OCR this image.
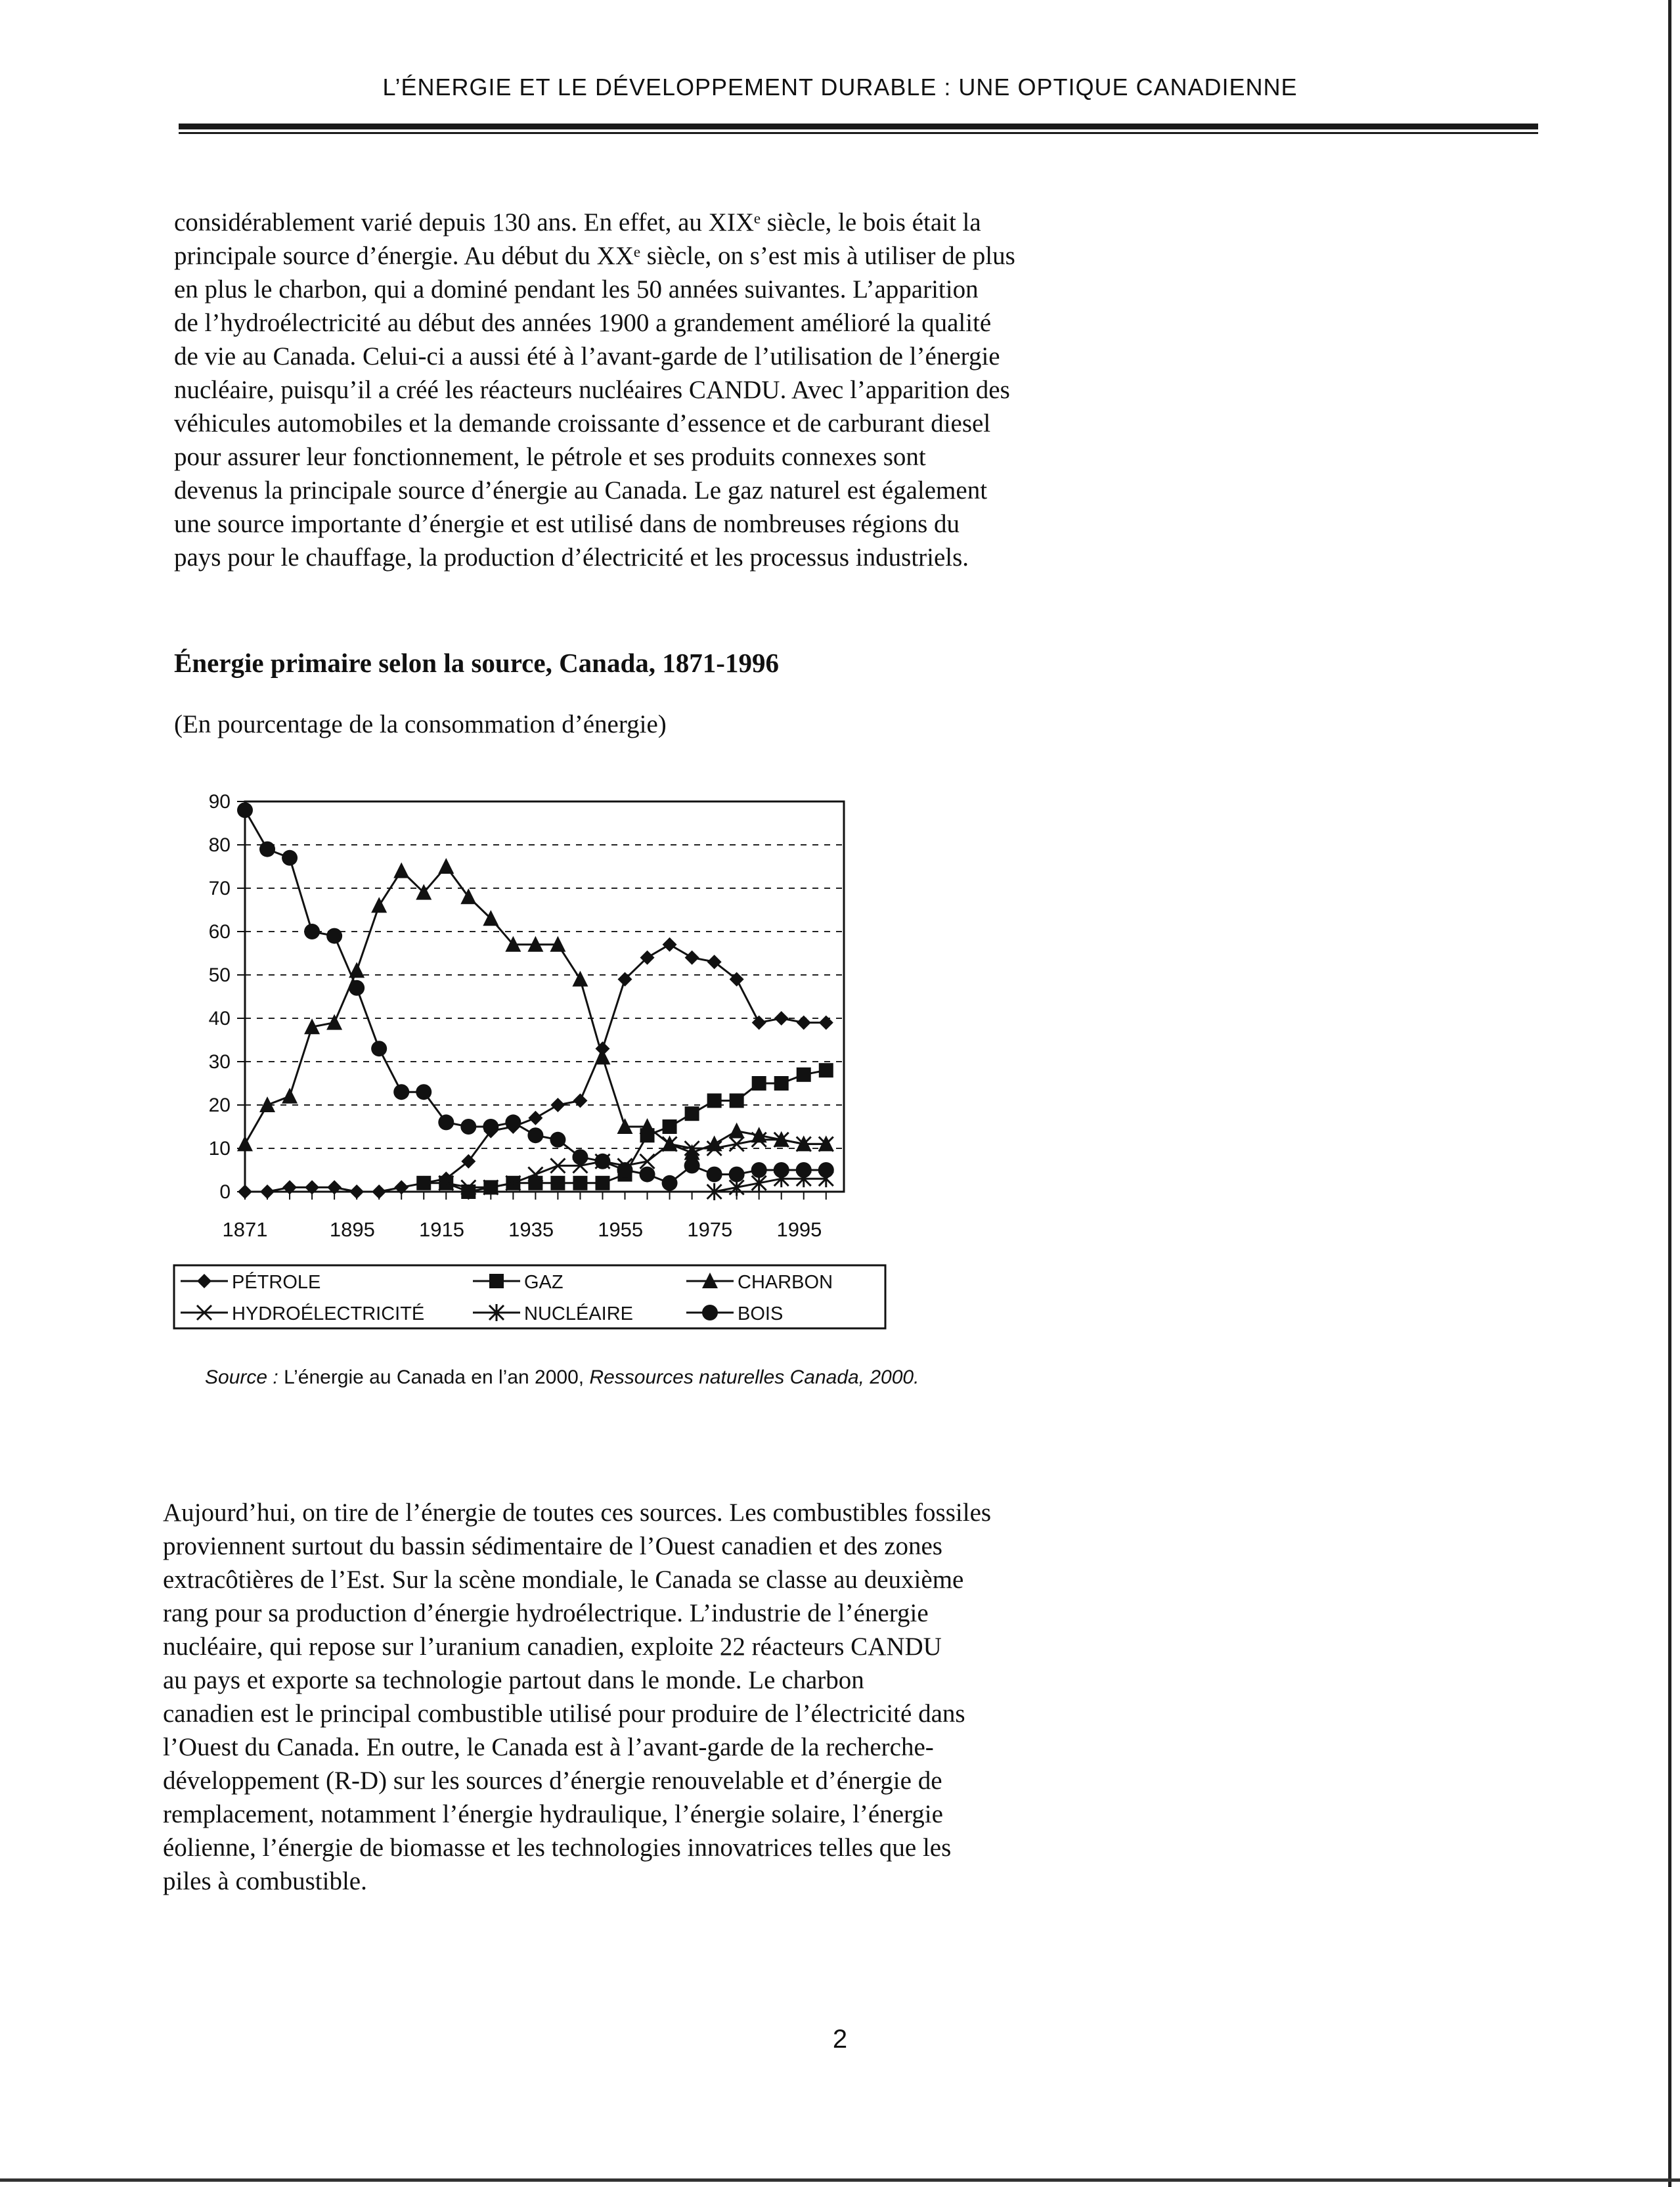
L’ÉNERGIE ET LE DÉVELOPPEMENT DURABLE : UNE OPTIQUE CANADIENNE

considérablement varié depuis 130 ans. En effet, au XIXᵉ siècle, le bois était la

principale source d’énergie. Au début du XXᵉ siècle, on s’est mis à utiliser de plus

en plus le charbon, qui a dominé pendant les 50 années suivantes. L’apparition

de l’hydroélectricité au début des années 1900 a grandement amélioré la qualité

de vie au Canada. Celui-ci a aussi été à l’avant-garde de l’utilisation de l’énergie

nucléaire, puisqu’il a créé les réacteurs nucléaires CANDU. Avec l’apparition des

véhicules automobiles et la demande croissante d’essence et de carburant diesel

pour assurer leur fonctionnement, le pétrole et ses produits connexes sont

devenus la principale source d’énergie au Canada. Le gaz naturel est également

une source importante d’énergie et est utilisé dans de nombreuses régions du

pays pour le chauffage, la production d’électricité et les processus industriels.

Énergie primaire selon la source, Canada, 1871-1996
(En pourcentage de la consommation d’énergie)
0
10
20
30
40
50
60
70
80
90
1871	1895 1915 1935 1955 1975 1995
PÉTROLE	GAZ	CHARBON
HYDROÉLECTRICITÉ	NUCLÉAIRE	BOIS
Source : L’énergie au Canada en l’an 2000, Ressources naturelles Canada, 2000.

Aujourd’hui, on tire de l’énergie de toutes ces sources. Les combustibles fossiles

proviennent surtout du bassin sédimentaire de l’Ouest canadien et des zones

extracôtières de l’Est. Sur la scène mondiale, le Canada se classe au deuxième

rang pour sa production d’énergie hydroélectrique. L’industrie de l’énergie

nucléaire, qui repose sur l’uranium canadien, exploite 22 réacteurs CANDU

au pays et exporte sa technologie partout dans le monde. Le charbon

canadien est le principal combustible utilisé pour produire de l’électricité dans

l’Ouest du Canada. En outre, le Canada est à l’avant-garde de la recherche-

développement (R-D) sur les sources d’énergie renouvelable et d’énergie de

remplacement, notamment l’énergie hydraulique, l’énergie solaire, l’énergie

éolienne, l’énergie de biomasse et les technologies innovatrices telles que les

piles à combustible.

2
